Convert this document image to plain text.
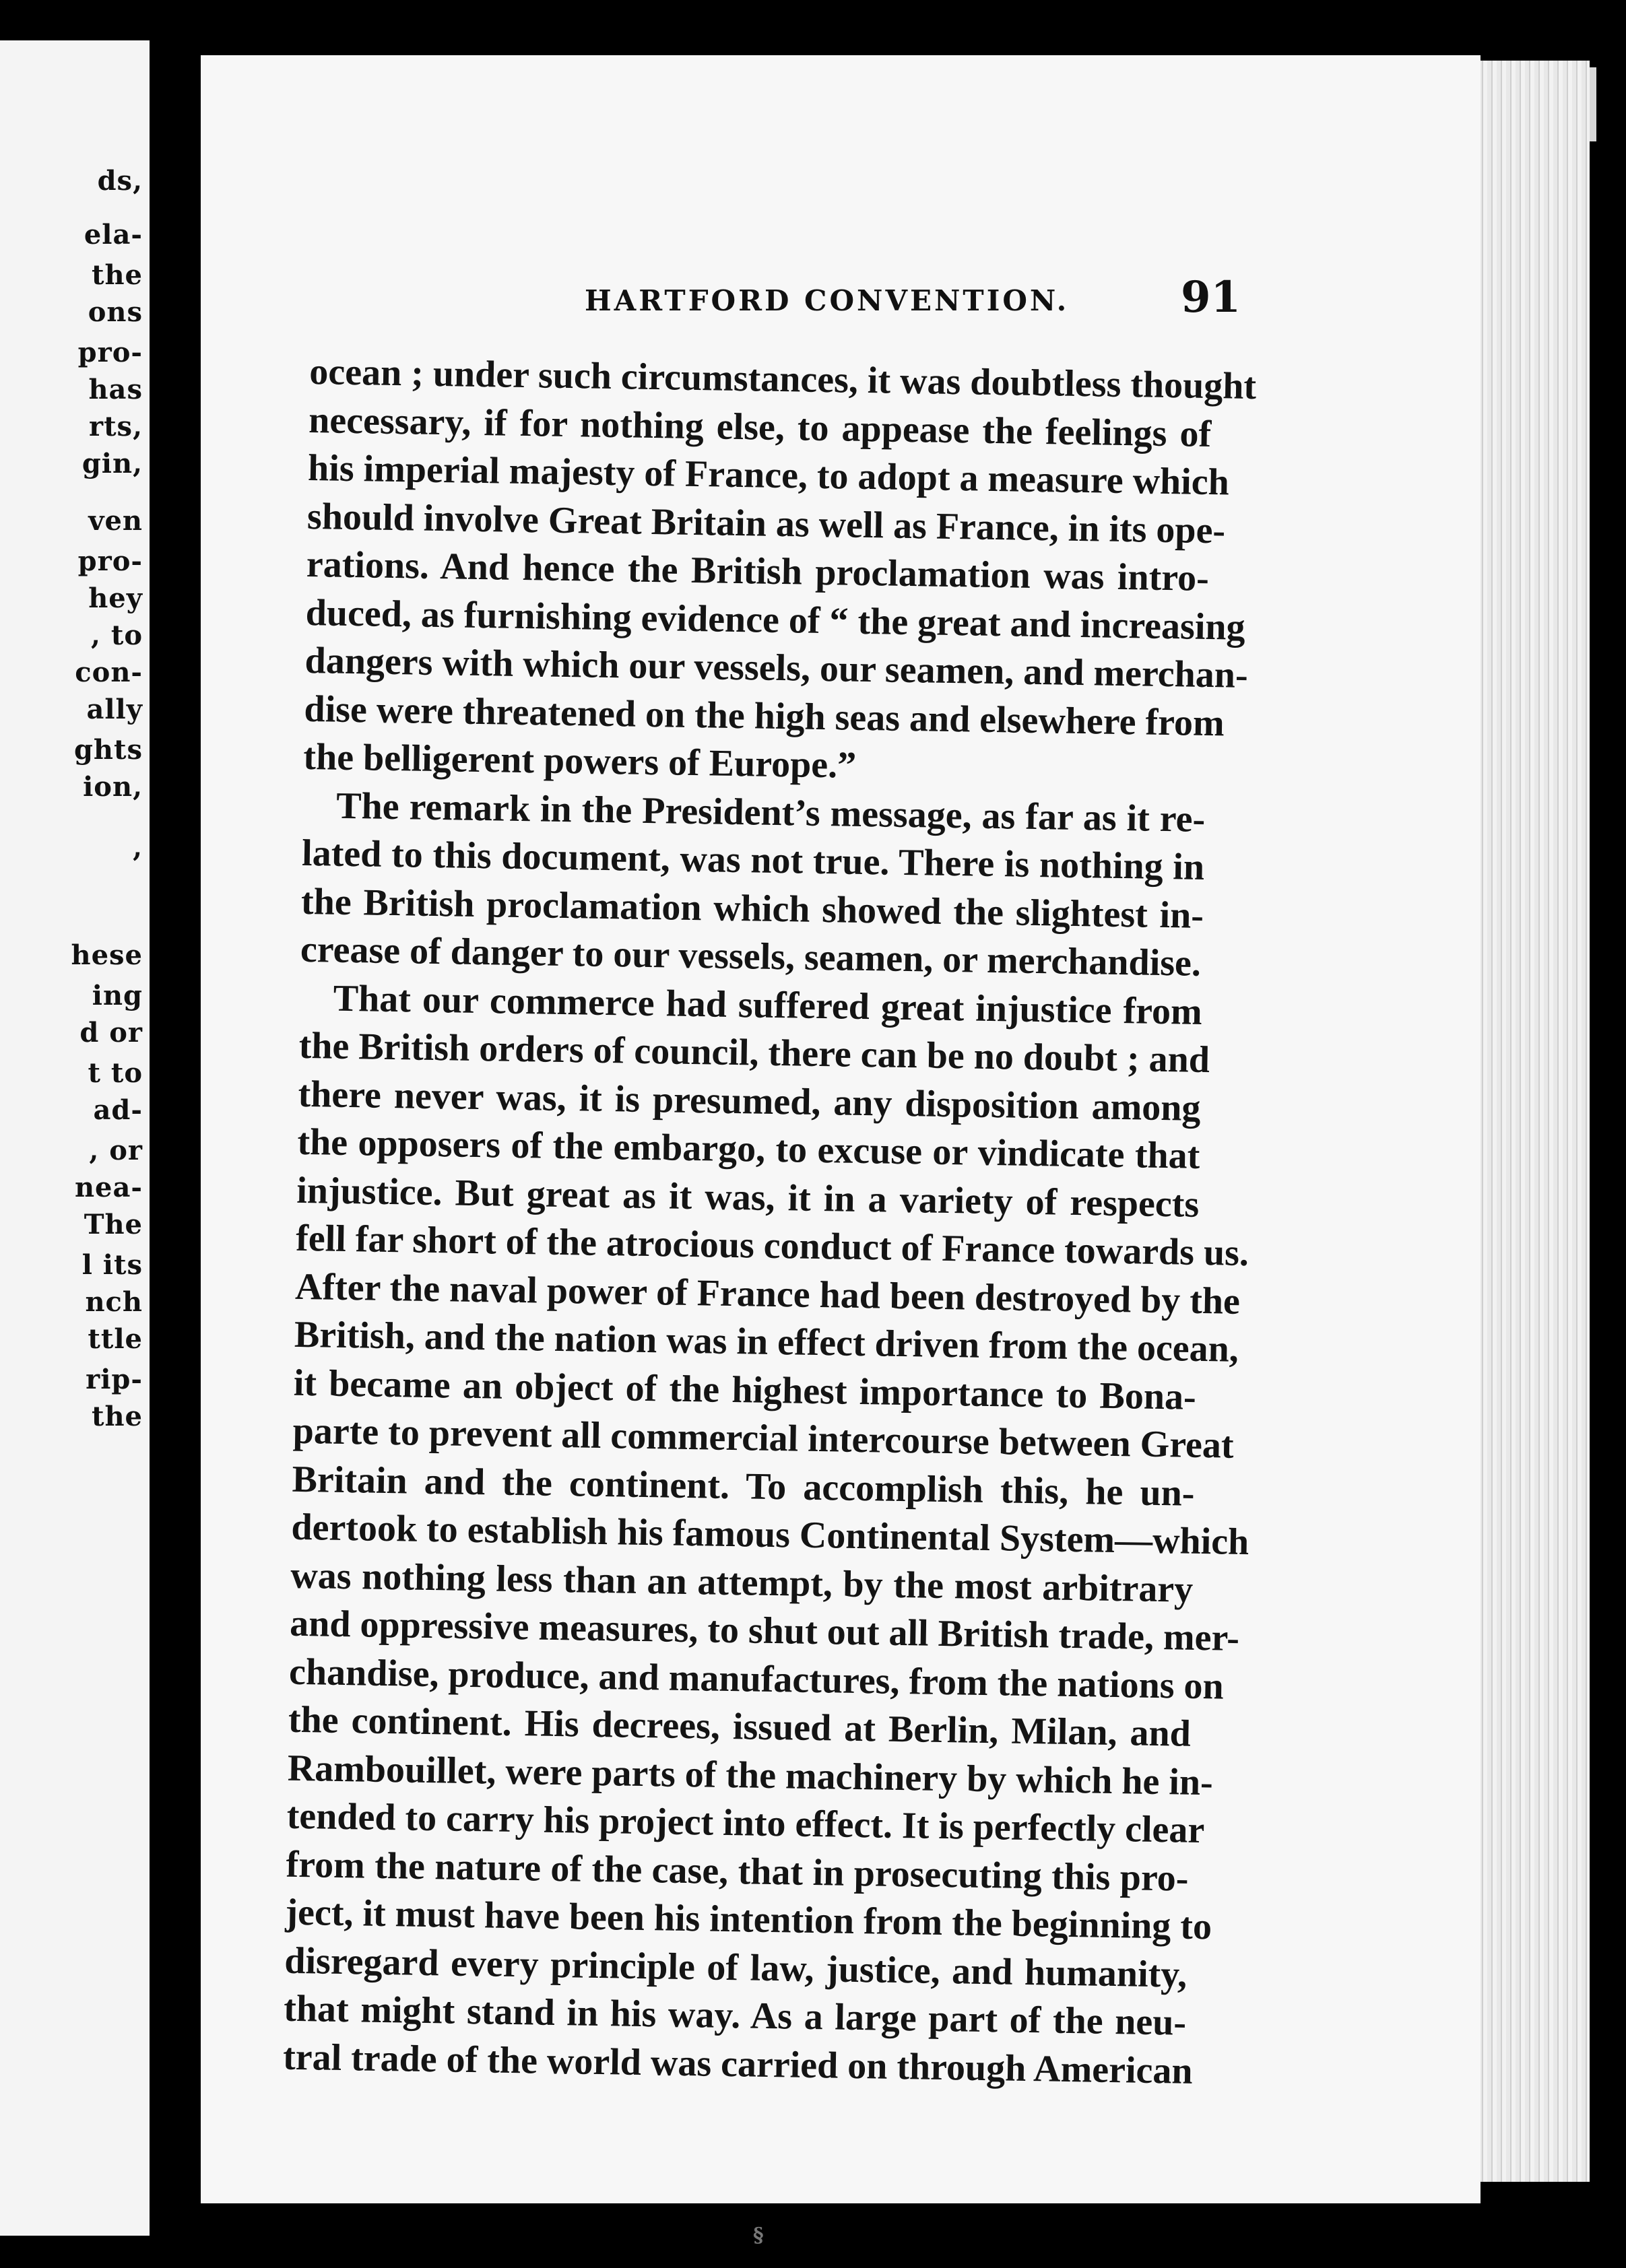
ds,
ela-
the
ons
pro-
has
rts,
gin,
ven
pro-
hey
, to
con-
ally
ghts
ion,
,
hese
ing
d or
t to
ad-
, or
nea-
The
l its
nch
ttle
rip-
the
HARTFORD CONVENTION.	91
ocean ; under such circumstances, it was doubtless thought
necessary, if for nothing else, to appease the feelings of
his imperial majesty of France, to adopt a measure which
should involve Great Britain as well as France, in its ope-
rations. And hence the British proclamation was intro-
duced, as furnishing evidence of “ the great and increasing
dangers with which our vessels, our seamen, and merchan-
dise were threatened on the high seas and elsewhere from
the belligerent powers of Europe.”
The remark in the President’s message, as far as it re-
lated to this document, was not true. There is nothing in
the British proclamation which showed the slightest in-
crease of danger to our vessels, seamen, or merchandise.
That our commerce had suffered great injustice from
the British orders of council, there can be no doubt ; and
there never was, it is presumed, any disposition among
the opposers of the embargo, to excuse or vindicate that
injustice. But great as it was, it in a variety of respects
fell far short of the atrocious conduct of France towards us.
After the naval power of France had been destroyed by the
British, and the nation was in effect driven from the ocean,
it became an object of the highest importance to Bona-
parte to prevent all commercial intercourse between Great
Britain and the continent. To accomplish this, he un-
dertook to establish his famous Continental System—which
was nothing less than an attempt, by the most arbitrary
and oppressive measures, to shut out all British trade, mer-
chandise, produce, and manufactures, from the nations on
the continent. His decrees, issued at Berlin, Milan, and
Rambouillet, were parts of the machinery by which he in-
tended to carry his project into effect. It is perfectly clear
from the nature of the case, that in prosecuting this pro-
ject, it must have been his intention from the beginning to
disregard every principle of law, justice, and humanity,
that might stand in his way. As a large part of the neu-
tral trade of the world was carried on through American
§
